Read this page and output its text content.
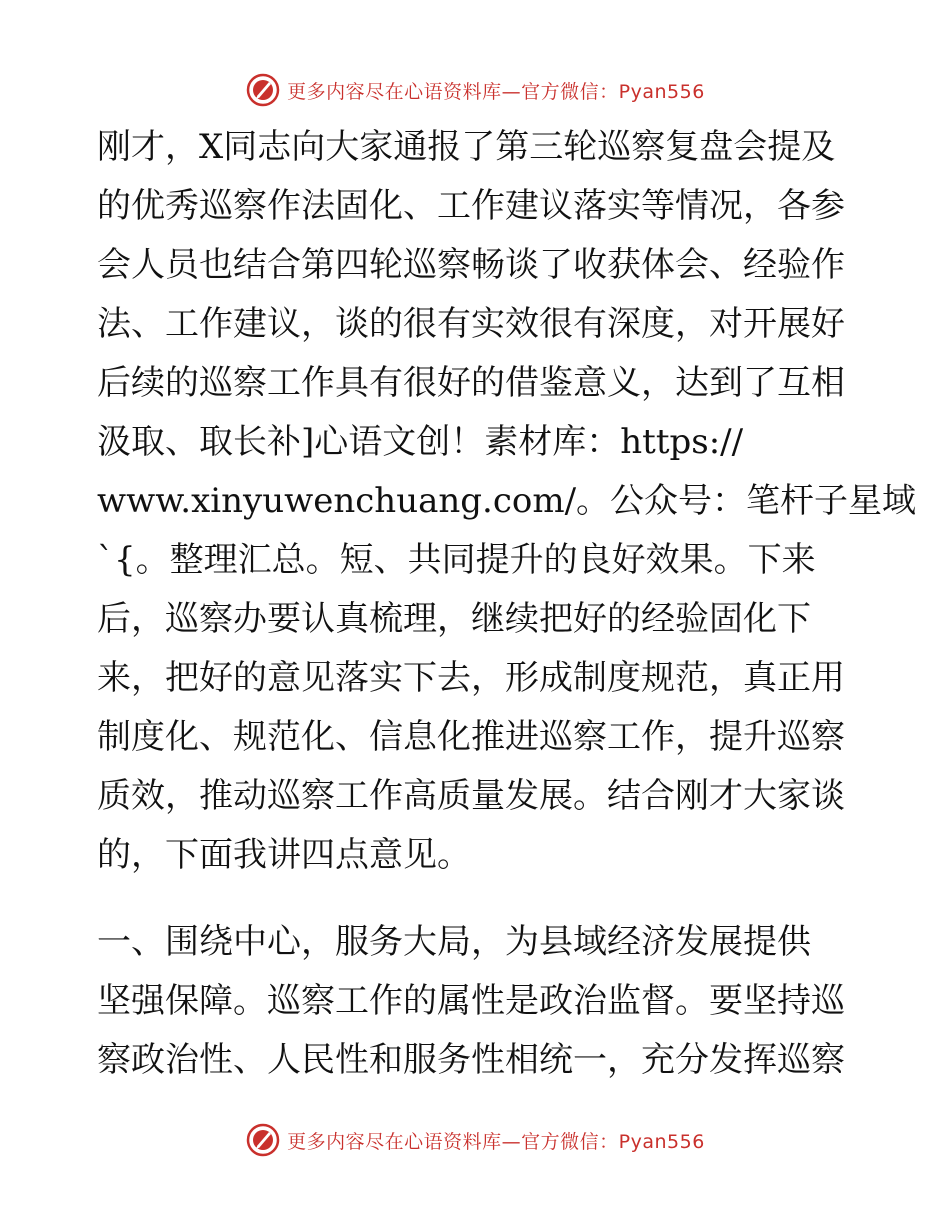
更多内容尽在心语资料库—官方微信：Pyan556
刚才，X同志向大家通报了第三轮巡察复盘会提及
的优秀巡察作法固化、工作建议落实等情况，各参
会人员也结合第四轮巡察畅谈了收获体会、经验作
法、工作建议，谈的很有实效很有深度，对开展好
后续的巡察工作具有很好的借鉴意义，达到了互相
汲取、取长补]心语文创！素材库：https://
www.xinyuwenchuang.com/。公众号：笔杆子星域
`{。整理汇总。短、共同提升的良好效果。下来
后，巡察办要认真梳理，继续把好的经验固化下
来，把好的意见落实下去，形成制度规范，真正用
制度化、规范化、信息化推进巡察工作，提升巡察
质效，推动巡察工作高质量发展。结合刚才大家谈
的，下面我讲四点意见。
一、围绕中心，服务大局，为县域经济发展提供
坚强保障。巡察工作的属性是政治监督。要坚持巡
察政治性、人民性和服务性相统一，充分发挥巡察
更多内容尽在心语资料库—官方微信：Pyan556
